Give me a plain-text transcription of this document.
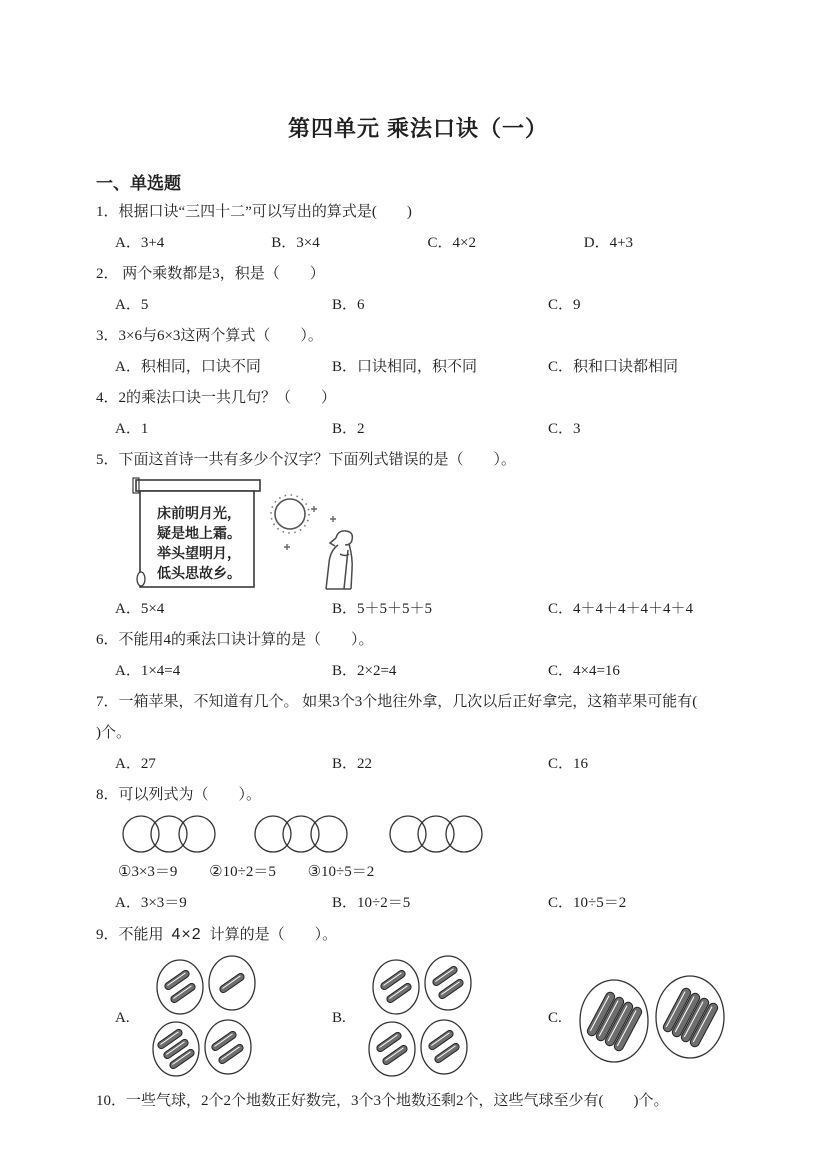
第四单元 乘法口诀（一）
一、单选题
1．根据口诀“三四十二”可以写出的算式是(　　)
A．3+4	B．3×4	C．4×2	D．4+3
2． 两个乘数都是3，积是（　　）
A．5	B．6	C．9
3．3×6与6×3这两个算式（　　）。
A．积相同，口诀不同	B．口诀相同，积不同	C．积和口诀都相同
4．2的乘法口诀一共几句？（　　）
A．1	B．2	C．3
5．下面这首诗一共有多少个汉字？下面列式错误的是（　　）。
床前明月光，
疑是地上霜。
举头望明月，
低头思故乡。
A．5×4	B．5＋5＋5＋5	C．4＋4＋4＋4＋4＋4
6．不能用4的乘法口诀计算的是（　　）。
A．1×4=4	B．2×2=4	C．4×4=16
7．一箱苹果，不知道有几个。 如果3个3个地往外拿，几次以后正好拿完，这箱苹果可能有(
)个。
A．27	B．22	C．16
8．可以列式为（　　）。
①3×3＝9 ②10÷2＝5 ③10÷5＝2
A．3×3＝9	B．10÷2＝5	C．10÷5＝2
9．不能用 4×2 计算的是（　　）。
A.	B.	C.
10．一些气球，2个2个地数正好数完，3个3个地数还剩2个，这些气球至少有(　　)个。
